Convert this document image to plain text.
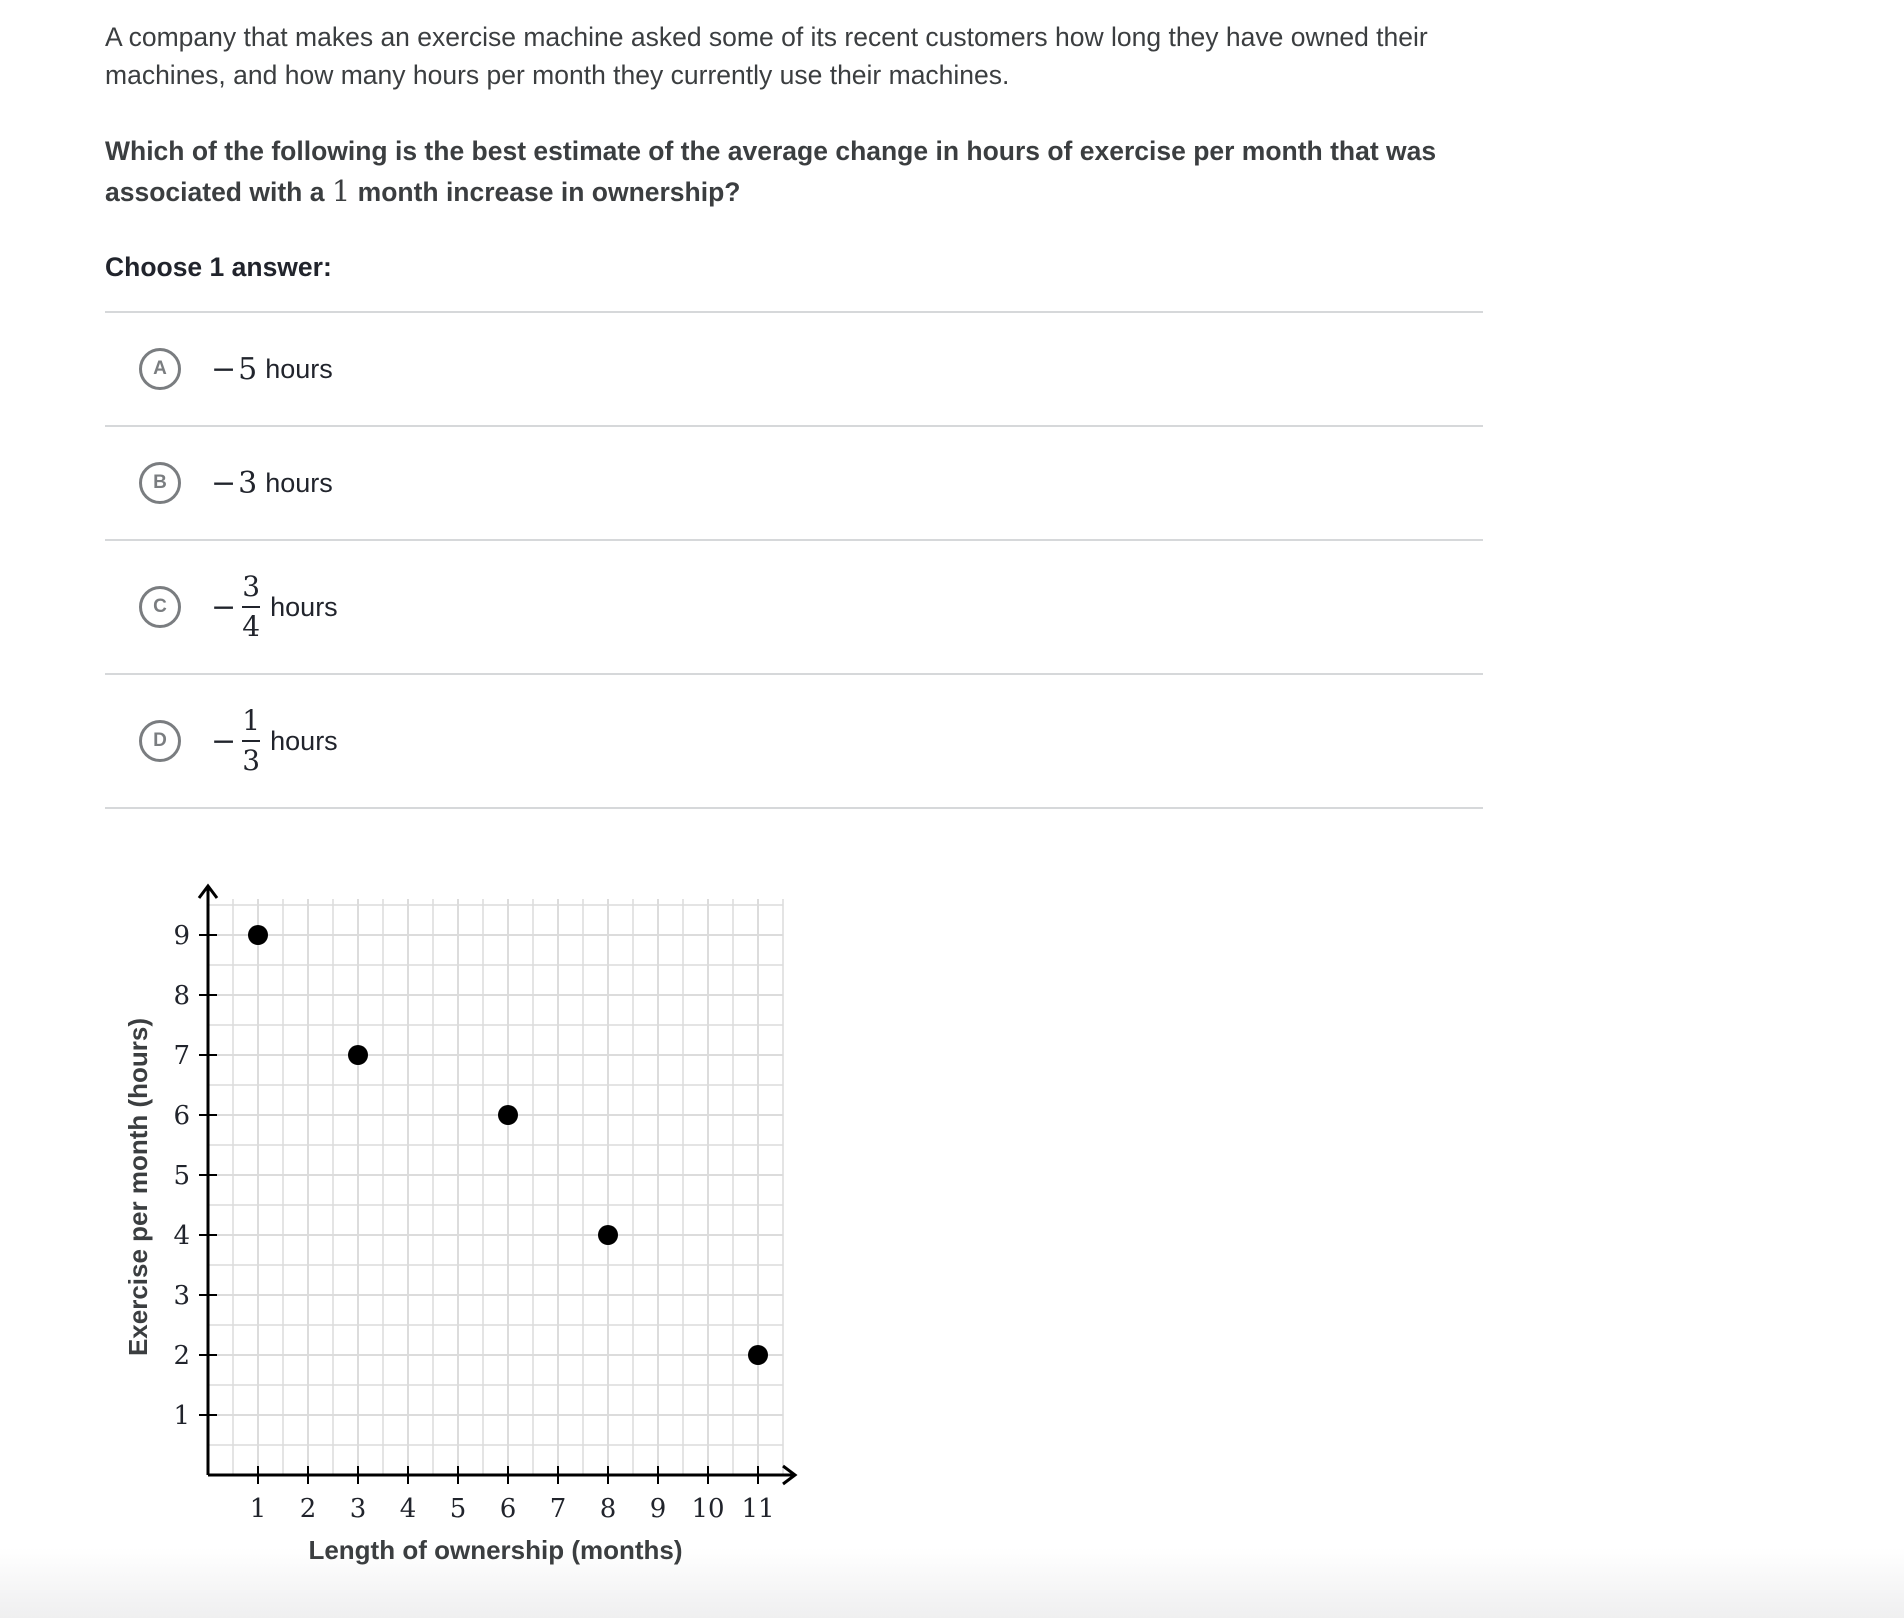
A company that makes an exercise machine asked some of its recent customers how long they have owned their machines, and how many hours per month they currently use their machines.

Which of the following is the best estimate of the average change in hours of exercise per month that was associated with a 1 month increase in ownership?

Choose 1 answer:

A	− 5 hours
B	− 3 hours
C	− $\frac{3}{4}$ hours
D	− $\frac{1}{3}$ hours
1 2 3 4 5 6 7 8 9 10 11
1
2
3
4
5
6
7
8
9
Length of ownership (months)
Exercise per month (hours)
